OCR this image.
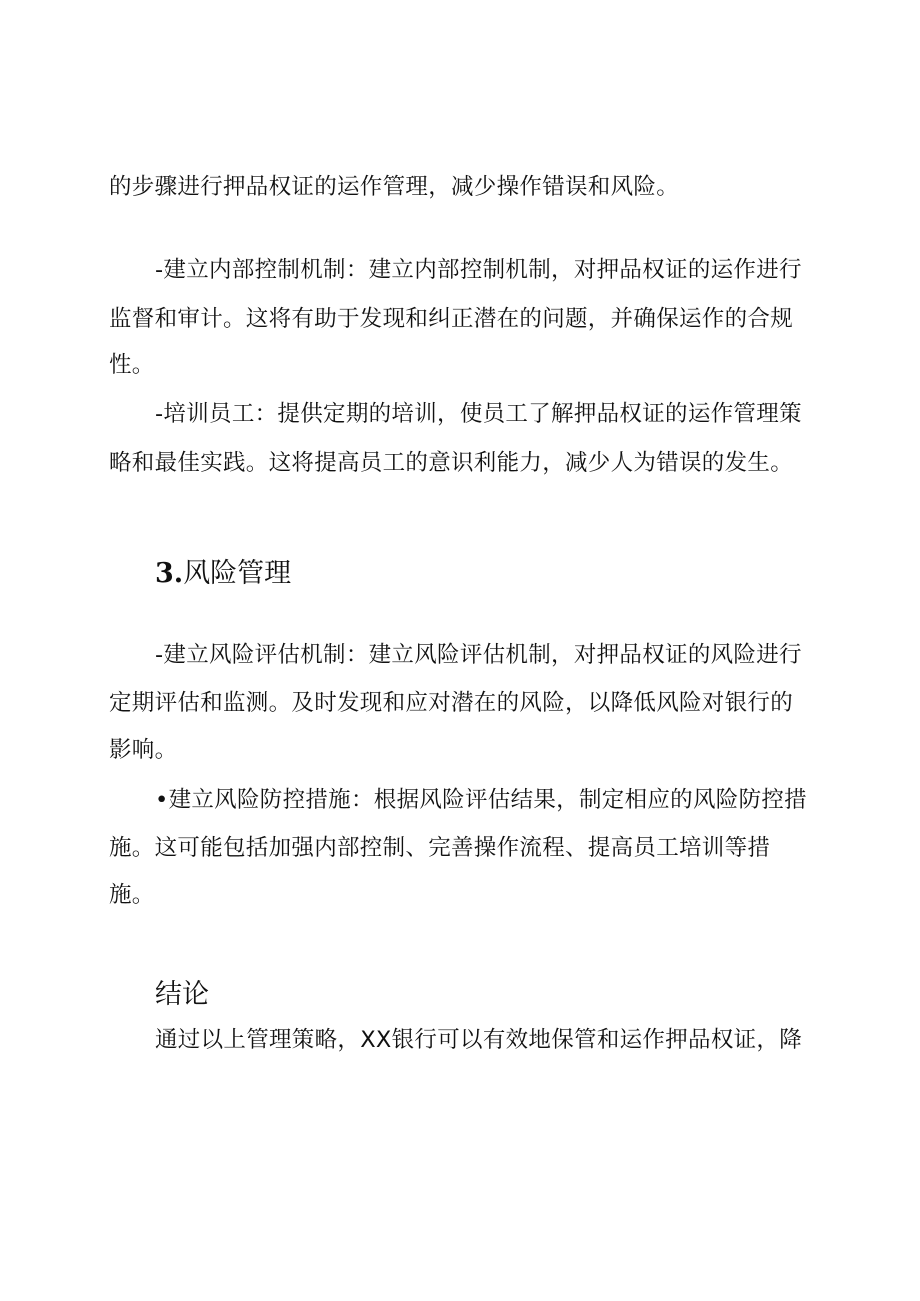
的步骤进行押品权证的运作管理，减少操作错误和风险。
-建立内部控制机制：建立内部控制机制，对押品权证的运作进行
监督和审计。这将有助于发现和纠正潜在的问题，并确保运作的合规
性。
-培训员工：提供定期的培训，使员工了解押品权证的运作管理策
略和最佳实践。这将提高员工的意识利能力，减少人为错误的发生。
3.风险管理
-建立风险评估机制：建立风险评估机制，对押品权证的风险进行
定期评估和监测。及时发现和应对潜在的风险，以降低风险对银行的
影响。
•建立风险防控措施：根据风险评估结果，制定相应的风险防控措
施。这可能包括加强内部控制、完善操作流程、提高员工培训等措
施。
结论
通过以上管理策略，XX银行可以有效地保管和运作押品权证，降
